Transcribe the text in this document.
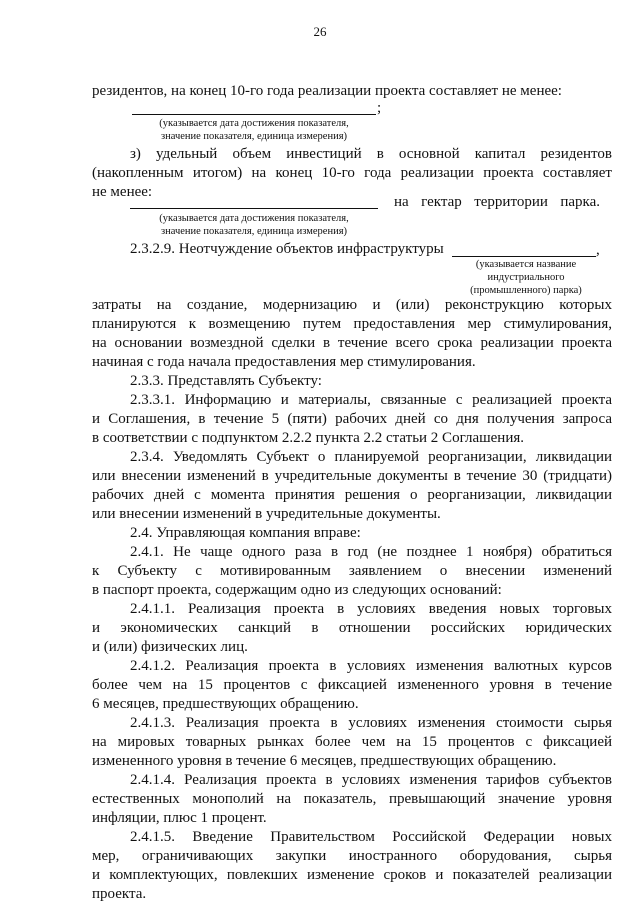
26
резидентов, на конец 10-го года реализации проекта составляет не менее:
;
(указывается дата достижения показателя,
значение показателя, единица измерения)
з) удельный объем инвестиций в основной капитал резидентов
(накопленным итогом) на конец 10-го года реализации проекта составляет
не менее:
на гектар территории парка.
(указывается дата достижения показателя,
значение показателя, единица измерения)
2.3.2.9. Неотчуждение объектов инфраструктуры	,
(указывается название
индустриального
(промышленного) парка)
затраты на создание, модернизацию и (или) реконструкцию которых
планируются к возмещению путем предоставления мер стимулирования,
на основании возмездной сделки в течение всего срока реализации проекта
начиная с года начала предоставления мер стимулирования.
2.3.3. Представлять Субъекту:
2.3.3.1. Информацию и материалы, связанные с реализацией проекта
и Соглашения, в течение 5 (пяти) рабочих дней со дня получения запроса
в соответствии с подпунктом 2.2.2 пункта 2.2 статьи 2 Соглашения.
2.3.4. Уведомлять Субъект о планируемой реорганизации, ликвидации
или внесении изменений в учредительные документы в течение 30 (тридцати)
рабочих дней с момента принятия решения о реорганизации, ликвидации
или внесении изменений в учредительные документы.
2.4. Управляющая компания вправе:
2.4.1. Не чаще одного раза в год (не позднее 1 ноября) обратиться
к Субъекту с мотивированным заявлением о внесении изменений
в паспорт проекта, содержащим одно из следующих оснований:
2.4.1.1. Реализация проекта в условиях введения новых торговых
и экономических санкций в отношении российских юридических
и (или) физических лиц.
2.4.1.2. Реализация проекта в условиях изменения валютных курсов
более чем на 15 процентов с фиксацией измененного уровня в течение
6 месяцев, предшествующих обращению.
2.4.1.3. Реализация проекта в условиях изменения стоимости сырья
на мировых товарных рынках более чем на 15 процентов с фиксацией
измененного уровня в течение 6 месяцев, предшествующих обращению.
2.4.1.4. Реализация проекта в условиях изменения тарифов субъектов
естественных монополий на показатель, превышающий значение уровня
инфляции, плюс 1 процент.
2.4.1.5. Введение Правительством Российской Федерации новых
мер, ограничивающих закупки иностранного оборудования, сырья
и комплектующих, повлекших изменение сроков и показателей реализации
проекта.
